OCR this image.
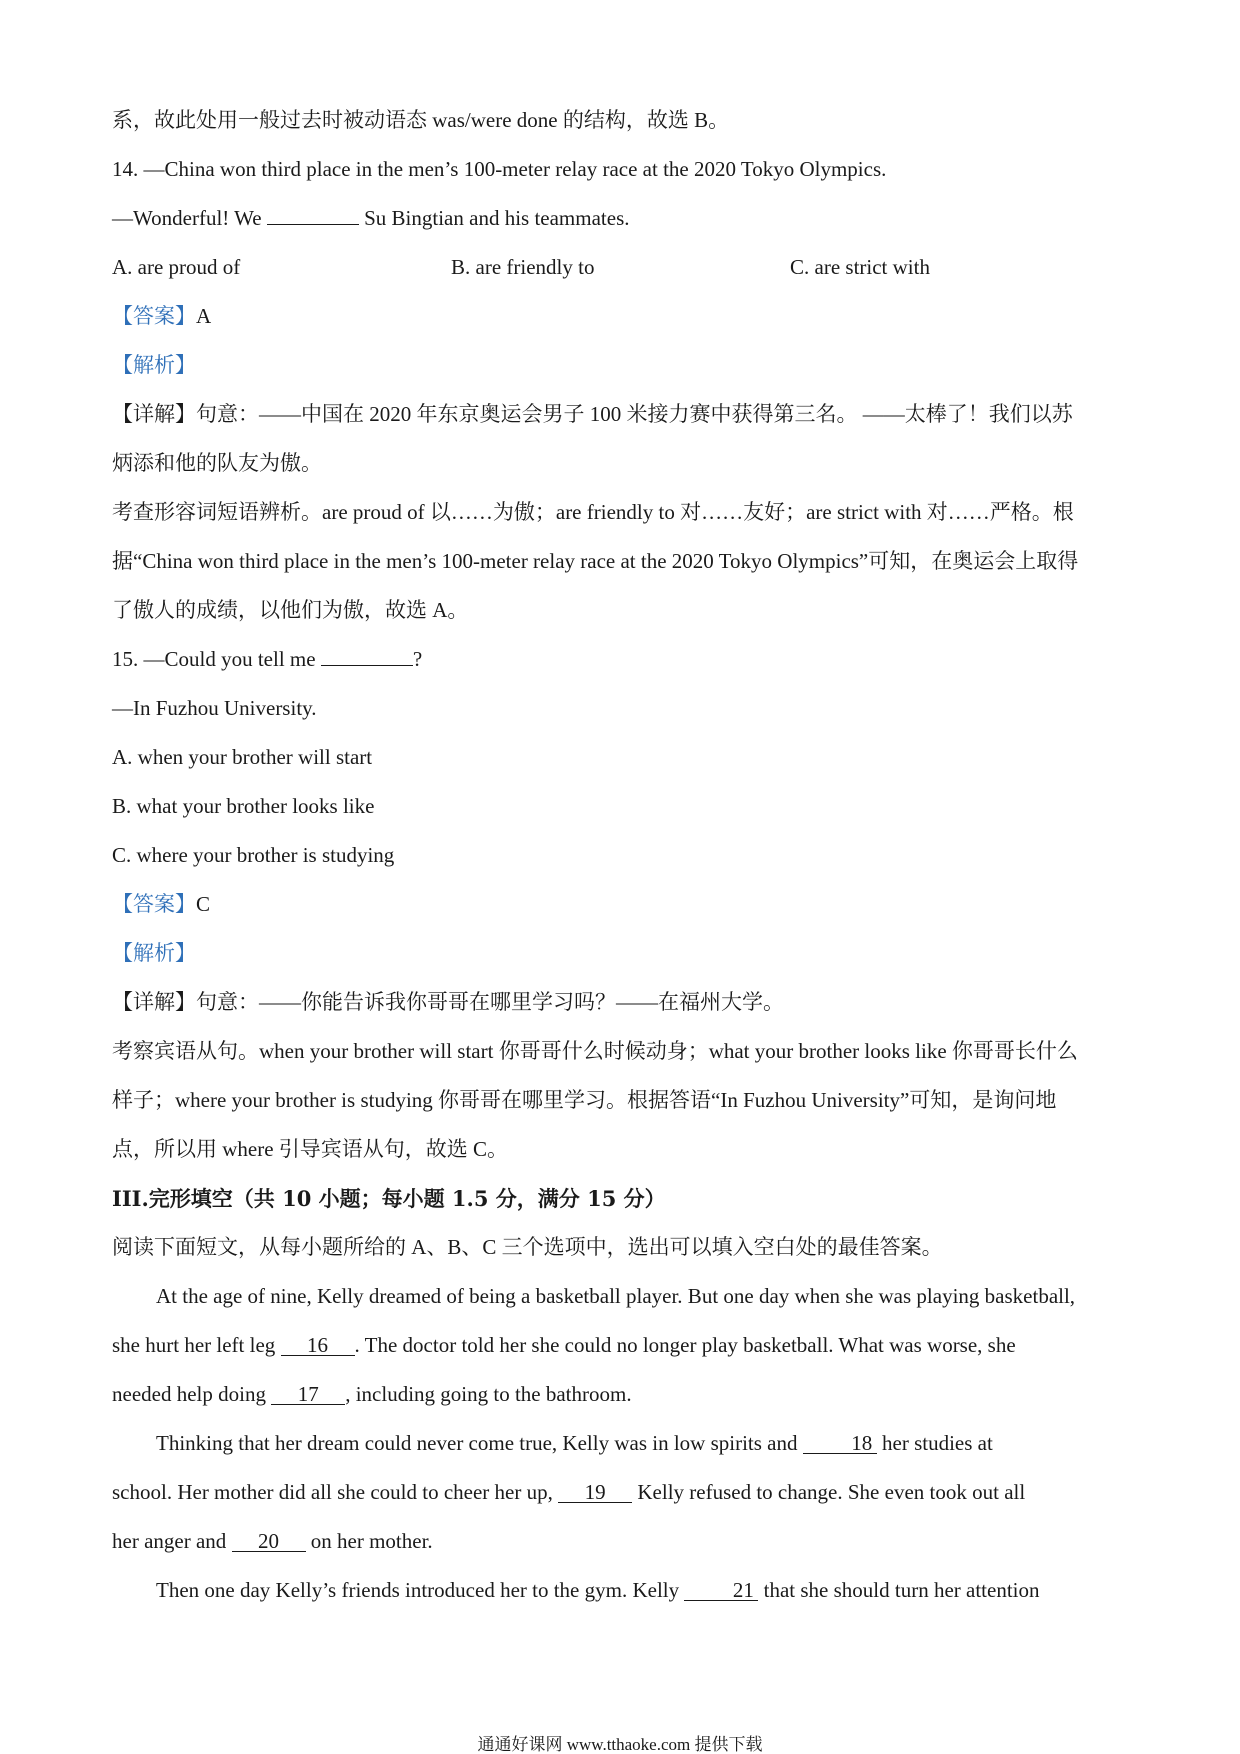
系，故此处用一般过去时被动语态 was/were done 的结构，故选 B。
14. —China won third place in the men’s 100-meter relay race at the 2020 Tokyo Olympics.
—Wonderful! We	Su Bingtian and his teammates.
A. are proud of	B. are friendly to	C. are strict with
【答案】A
【解析】
【详解】句意：——中国在 2020 年东京奥运会男子 100 米接力赛中获得第三名。 ——太棒了！我们以苏
炳添和他的队友为傲。
考查形容词短语辨析。are proud of 以……为傲；are friendly to 对……友好；are strict with 对……严格。根
据“China won third place in the men’s 100-meter relay race at the 2020 Tokyo Olympics”可知，在奥运会上取得
了傲人的成绩，以他们为傲，故选 A。
15. —Could you tell me	?
—In Fuzhou University.
A. when your brother will start
B. what your brother looks like
C. where your brother is studying
【答案】C
【解析】
【详解】句意：——你能告诉我你哥哥在哪里学习吗？——在福州大学。
考察宾语从句。when your brother will start 你哥哥什么时候动身；what your brother looks like 你哥哥长什么
样子；where your brother is studying 你哥哥在哪里学习。根据答语“In Fuzhou University”可知，是询问地
点，所以用 where 引导宾语从句，故选 C。
III.完形填空（共 10 小题；每小题 1.5 分，满分 15 分）
阅读下面短文，从每小题所给的 A、B、C 三个选项中，选出可以填入空白处的最佳答案。
At the age of nine, Kelly dreamed of being a basketball player. But one day when she was playing basketball,
she hurt her left leg 16 . The doctor told her she could no longer play basketball. What was worse, she
needed help doing 17 , including going to the bathroom.
Thinking that her dream could never come true, Kelly was in low spirits and	18 her studies at
school. Her mother did all she could to cheer her up, 19 Kelly refused to change. She even took out all
her anger and 20 on her mother.
Then one day Kelly’s friends introduced her to the gym. Kelly	21 that she should turn her attention
通通好课网 www.tthaoke.com 提供下载
